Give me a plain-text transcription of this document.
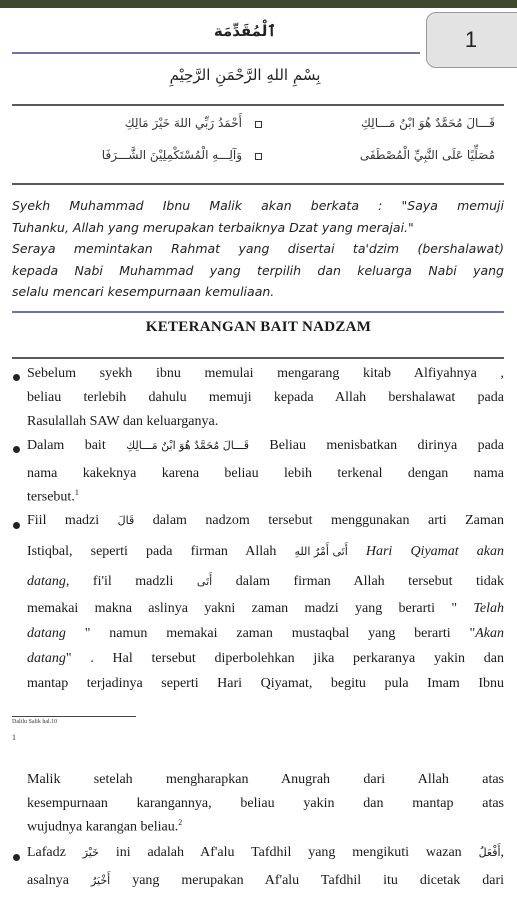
1
ٱلْمُقَدِّمَة
بِسْمِ اللهِ الرَّحْمَنِ الرَّحِيْمِ
قَـــالَ مُحَمَّدٌ هُوَ ابْنُ مَـــالِكِ
أَحْمَدُ رَبِّي اللهَ خَيْرَ مَالِكِ
مُصَلِّيًا عَلَى النَّبِيِّ الْمُصْطَفَى
وَآلِـــهِ الْمُسْتَكْمِلِيْنَ الشَّـــرَفَا

Syekh Muhammad Ibnu Malik akan berkata : "Saya memuji

Tuhanku, Allah yang merupakan terbaiknya Dzat yang merajai."

Seraya memintakan Rahmat yang disertai ta'dzim (bershalawat)

kepada Nabi Muhammad yang terpilih dan keluarga Nabi yang

selalu mencari kesempurnaan kemuliaan.

KETERANGAN BAIT NADZAM
Sebelum syekh ibnu memulai mengarang kitab Alfiyahnya ,
beliau terlebih dahulu memuji kepada Allah bershalawat pada
Rasulallah SAW dan keluarganya.
Dalam bait قَـــالَ مُحَمَّدٌ هُوَ ابْنُ مَـــالِكِ Beliau menisbatkan dirinya pada
nama kakeknya karena beliau lebih terkenal dengan nama
tersebut.$^1$
Fiil madzi قَالَ dalam nadzom tersebut menggunakan arti Zaman
Istiqbal, seperti pada firman Allah أَتَى أَمْرُ اللهِ Hari Qiyamat akan
datang, fi'il madzli أَتَى dalam firman Allah tersebut tidak
memakai makna aslinya yakni zaman madzi yang berarti " Telah
datang " namun memakai zaman mustaqbal yang berarti "Akan
datang" . Hal tersebut diperbolehkan jika perkaranya yakin dan
mantap terjadinya seperti Hari Qiyamat, begitu pula Imam Ibnu
Dalilu Salik hal.10
1
Malik setelah mengharapkan Anugrah dari Allah atas
kesempurnaan karangannya, beliau yakin dan mantap atas
wujudnya karangan beliau.$^2$
Lafadz خَيْرَ ini adalah Af'alu Tafdhil yang mengikuti wazan أَفْعَلُ,
asalnya أَخْيَرُ yang merupakan Af'alu Tafdhil itu dicetak dari
